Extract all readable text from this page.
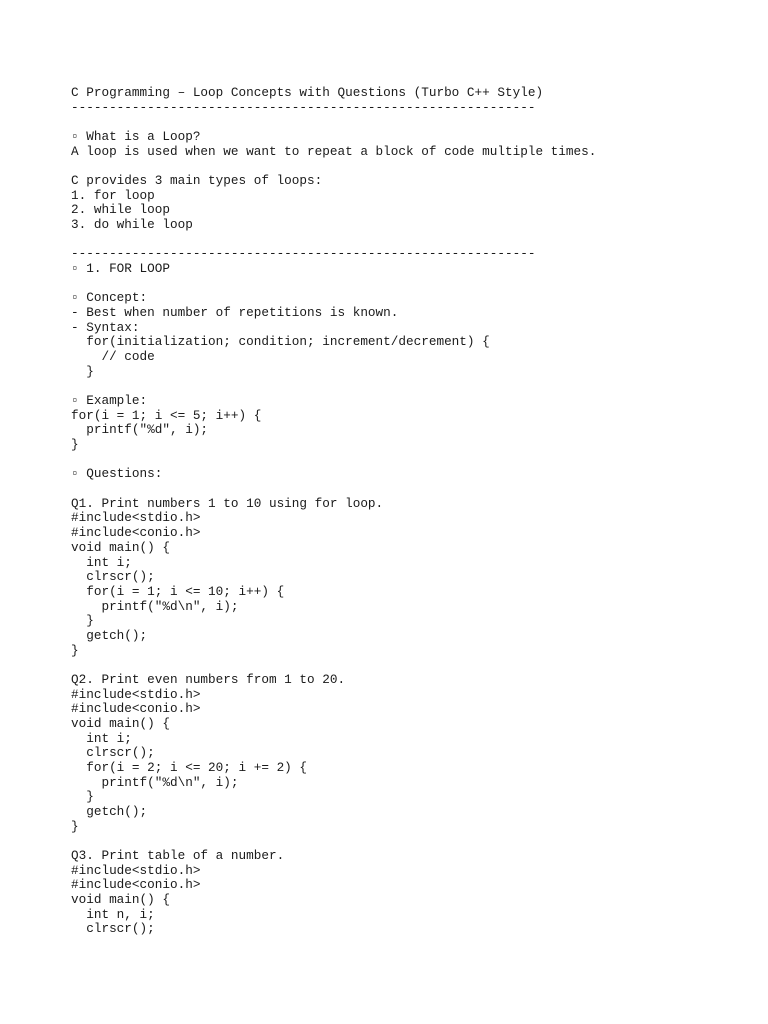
C Programming – Loop Concepts with Questions (Turbo C++ Style)
-------------------------------------------------------------
▫ What is a Loop?
A loop is used when we want to repeat a block of code multiple times.
C provides 3 main types of loops:
1. for loop
2. while loop
3. do while loop
-------------------------------------------------------------
▫ 1. FOR LOOP
▫ Concept:
- Best when number of repetitions is known.
- Syntax:
for(initialization; condition; increment/decrement) {
// code
}
▫ Example:
for(i = 1; i <= 5; i++) {
printf("%d", i);
}
▫ Questions:
Q1. Print numbers 1 to 10 using for loop.
#include<stdio.h>
#include<conio.h>
void main() {
int i;
clrscr();
for(i = 1; i <= 10; i++) {
printf("%d\n", i);
}
getch();
}
Q2. Print even numbers from 1 to 20.
#include<stdio.h>
#include<conio.h>
void main() {
int i;
clrscr();
for(i = 2; i <= 20; i += 2) {
printf("%d\n", i);
}
getch();
}
Q3. Print table of a number.
#include<stdio.h>
#include<conio.h>
void main() {
int n, i;
clrscr();
